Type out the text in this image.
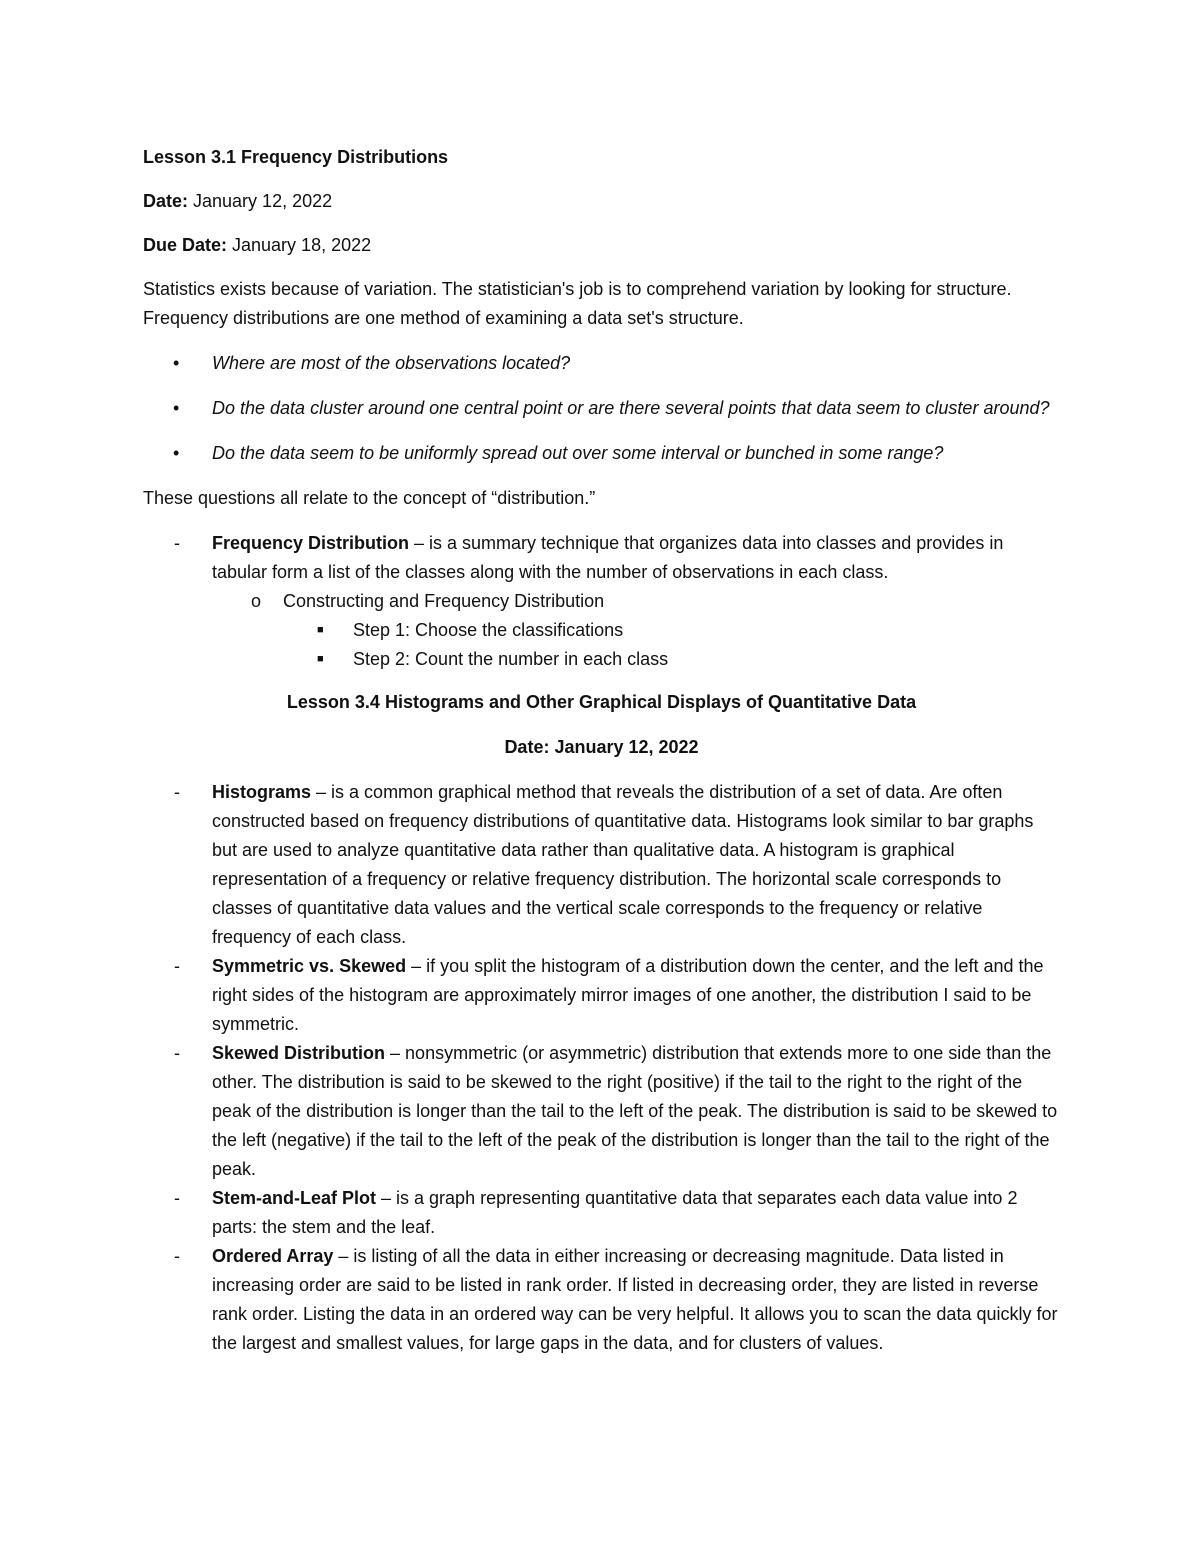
Lesson 3.1 Frequency Distributions

Date: January 12, 2022

Due Date: January 18, 2022

Statistics exists because of variation. The statistician's job is to comprehend variation by looking for structure. Frequency distributions are one method of examining a data set's structure.

• Where are most of the observations located?
• Do the data cluster around one central point or are there several points that data seem to cluster around?
• Do the data seem to be uniformly spread out over some interval or bunched in some range?

These questions all relate to the concept of “distribution.”

- Frequency Distribution – is a summary technique that organizes data into classes and provides in tabular form a list of the classes along with the number of observations in each class.
o Constructing and Frequency Distribution
■ Step 1: Choose the classifications
■ Step 2: Count the number in each class

Lesson 3.4 Histograms and Other Graphical Displays of Quantitative Data

Date: January 12, 2022

- Histograms – is a common graphical method that reveals the distribution of a set of data. Are often constructed based on frequency distributions of quantitative data. Histograms look similar to bar graphs but are used to analyze quantitative data rather than qualitative data. A histogram is graphical representation of a frequency or relative frequency distribution. The horizontal scale corresponds to classes of quantitative data values and the vertical scale corresponds to the frequency or relative frequency of each class.
- Symmetric vs. Skewed – if you split the histogram of a distribution down the center, and the left and the right sides of the histogram are approximately mirror images of one another, the distribution I said to be symmetric.
- Skewed Distribution – nonsymmetric (or asymmetric) distribution that extends more to one side than the other. The distribution is said to be skewed to the right (positive) if the tail to the right to the right of the peak of the distribution is longer than the tail to the left of the peak. The distribution is said to be skewed to the left (negative) if the tail to the left of the peak of the distribution is longer than the tail to the right of the peak.
- Stem-and-Leaf Plot – is a graph representing quantitative data that separates each data value into 2 parts: the stem and the leaf.
- Ordered Array – is listing of all the data in either increasing or decreasing magnitude. Data listed in increasing order are said to be listed in rank order. If listed in decreasing order, they are listed in reverse rank order. Listing the data in an ordered way can be very helpful. It allows you to scan the data quickly for the largest and smallest values, for large gaps in the data, and for clusters of values.
